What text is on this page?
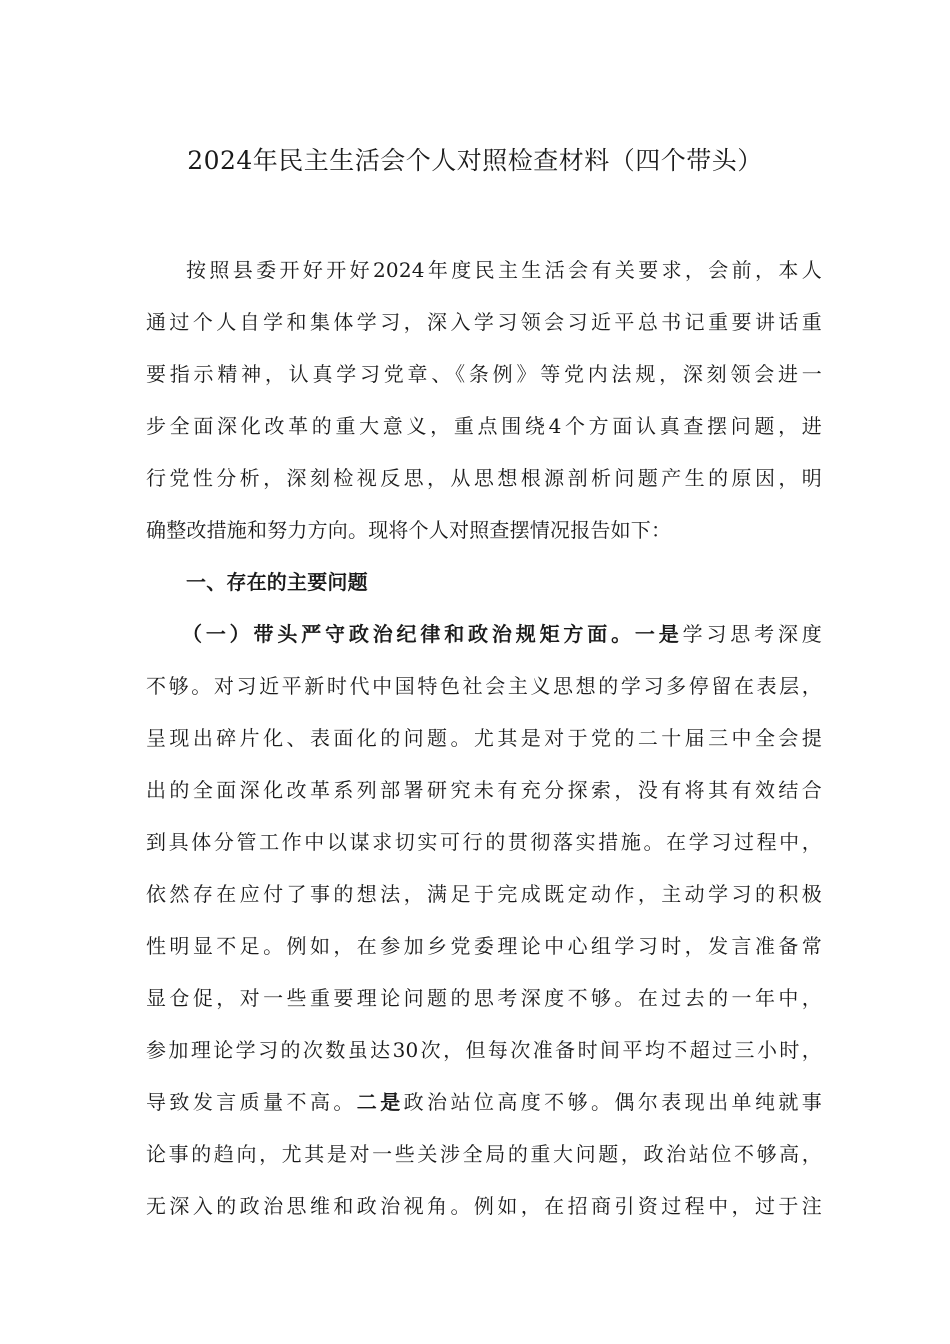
2024年民主生活会个人对照检查材料（四个带头）
按照县委开好开好2024年度民主生活会有关要求，会前，本人
通过个人自学和集体学习，深入学习领会习近平总书记重要讲话重
要指示精神，认真学习党章、《条例》等党内法规，深刻领会进一
步全面深化改革的重大意义，重点围绕4个方面认真查摆问题，进
行党性分析，深刻检视反思，从思想根源剖析问题产生的原因，明
确整改措施和努力方向。现将个人对照查摆情况报告如下：
一、存在的主要问题
（一）带头严守政治纪律和政治规矩方面。一是学习思考深度
不够。对习近平新时代中国特色社会主义思想的学习多停留在表层，
呈现出碎片化、表面化的问题。尤其是对于党的二十届三中全会提
出的全面深化改革系列部署研究未有充分探索，没有将其有效结合
到具体分管工作中以谋求切实可行的贯彻落实措施。在学习过程中，
依然存在应付了事的想法，满足于完成既定动作，主动学习的积极
性明显不足。例如，在参加乡党委理论中心组学习时，发言准备常
显仓促，对一些重要理论问题的思考深度不够。在过去的一年中，
参加理论学习的次数虽达30次，但每次准备时间平均不超过三小时，
导致发言质量不高。二是政治站位高度不够。偶尔表现出单纯就事
论事的趋向，尤其是对一些关涉全局的重大问题，政治站位不够高，
无深入的政治思维和政治视角。例如，在招商引资过程中，过于注
